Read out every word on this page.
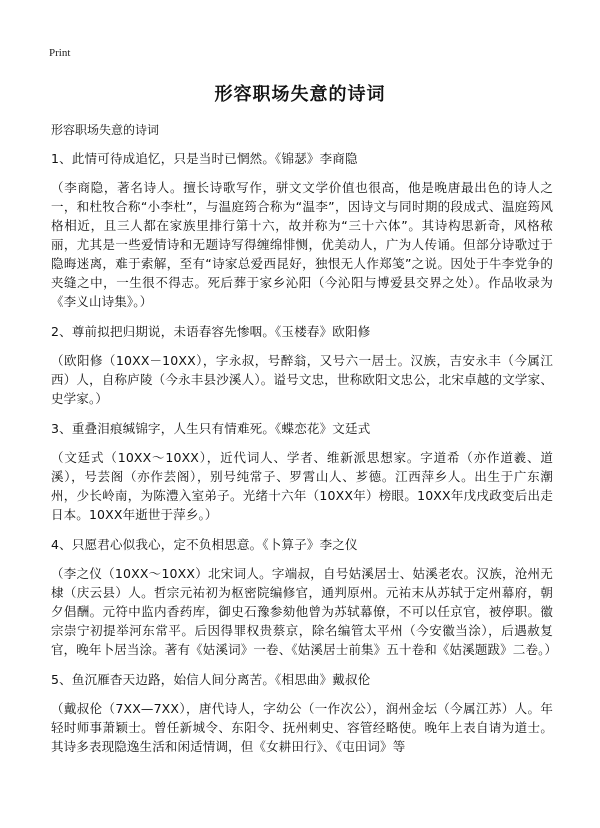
Print
形容职场失意的诗词
形容职场失意的诗词
1、此情可待成追忆，只是当时已惘然。《锦瑟》李商隐
（李商隐，著名诗人。擅长诗歌写作，骈文文学价值也很高，他是晚唐最出色的诗人之一，和杜牧合称“小李杜”，与温庭筠合称为“温李”，因诗文与同时期的段成式、温庭筠风格相近，且三人都在家族里排行第十六，故并称为“三十六体”。其诗构思新奇，风格秾丽，尤其是一些爱情诗和无题诗写得缠绵悱恻，优美动人，广为人传诵。但部分诗歌过于隐晦迷离，难于索解，至有“诗家总爱西昆好，独恨无人作郑笺”之说。因处于牛李党争的夹缝之中，一生很不得志。死后葬于家乡沁阳（今沁阳与博爱县交界之处）。作品收录为《李义山诗集》。）
2、尊前拟把归期说，未语春容先惨咽。《玉楼春》欧阳修
（欧阳修（10XX－10XX），字永叔，号醉翁，又号六一居士。汉族，吉安永丰（今属江西）人，自称庐陵（今永丰县沙溪人）。谥号文忠，世称欧阳文忠公，北宋卓越的文学家、史学家。）
3、重叠泪痕缄锦字，人生只有情难死。《蝶恋花》文廷式
（文廷式（10XX～10XX），近代词人、学者、维新派思想家。字道希（亦作道羲、道溪），号芸阁（亦作芸阁），别号纯常子、罗霄山人、芗德。江西萍乡人。出生于广东潮州，少长岭南，为陈澧入室弟子。光绪十六年（10XX年）榜眼。10XX年戊戌政变后出走日本。10XX年逝世于萍乡。）
4、只愿君心似我心，定不负相思意。《卜算子》李之仪
（李之仪（10XX～10XX）北宋词人。字端叔，自号姑溪居士、姑溪老农。汉族，沧州无棣（庆云县）人。哲宗元祐初为枢密院编修官，通判原州。元祐末从苏轼于定州幕府，朝夕倡酬。元符中监内香药库，御史石豫参劾他曾为苏轼幕僚，不可以任京官，被停职。徽宗崇宁初提举河东常平。后因得罪权贵蔡京，除名编管太平州（今安徽当涂），后遇赦复官，晚年卜居当涂。著有《姑溪词》一卷、《姑溪居士前集》五十卷和《姑溪题跋》二卷。）
5、鱼沉雁杳天边路，始信人间分离苦。《相思曲》戴叔伦
（戴叔伦（7XX—7XX），唐代诗人，字幼公（一作次公），润州金坛（今属江苏）人。年轻时师事萧颖士。曾任新城令、东阳令、抚州刺史、容管经略使。晚年上表自请为道士。其诗多表现隐逸生活和闲适情调，但《女耕田行》、《屯田词》等
